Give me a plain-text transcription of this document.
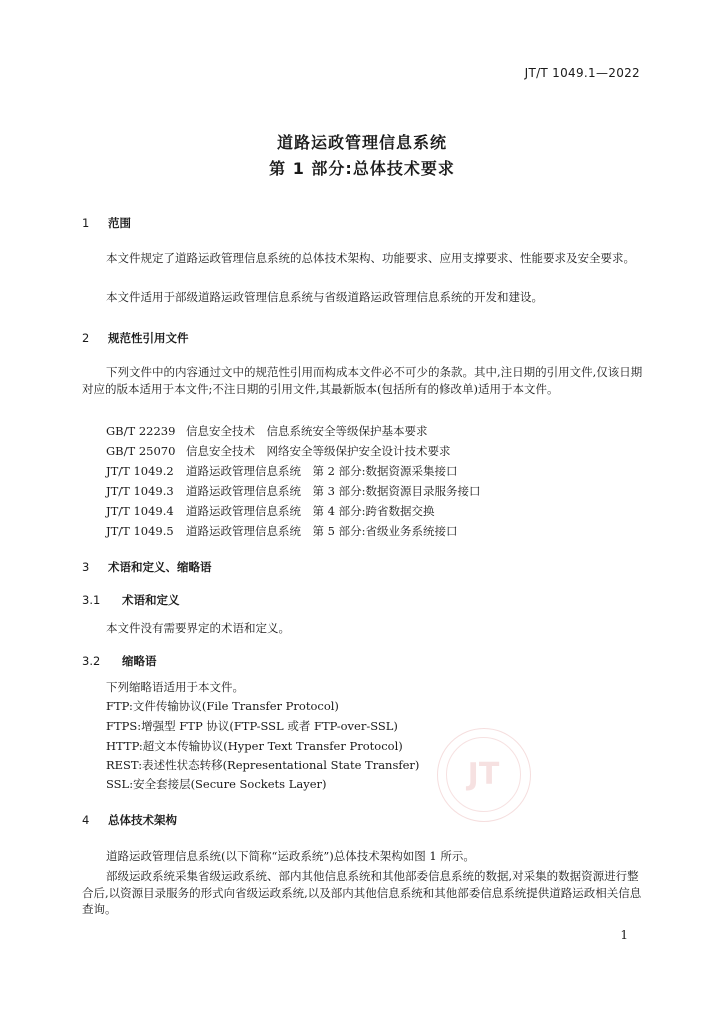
JT/T 1049.1—2022
道路运政管理信息系统
第 1 部分:总体技术要求
1 范围
本文件规定了道路运政管理信息系统的总体技术架构、功能要求、应用支撑要求、性能要求及安全要求。
本文件适用于部级道路运政管理信息系统与省级道路运政管理信息系统的开发和建设。
2 规范性引用文件
下列文件中的内容通过文中的规范性引用而构成本文件必不可少的条款。其中,注日期的引用文件,仅该日期对应的版本适用于本文件;不注日期的引用文件,其最新版本(包括所有的修改单)适用于本文件。
GB/T 22239 信息安全技术　信息系统安全等级保护基本要求
GB/T 25070 信息安全技术　网络安全等级保护安全设计技术要求
JT/T 1049.2 道路运政管理信息系统　第 2 部分:数据资源采集接口
JT/T 1049.3 道路运政管理信息系统　第 3 部分:数据资源目录服务接口
JT/T 1049.4 道路运政管理信息系统　第 4 部分:跨省数据交换
JT/T 1049.5 道路运政管理信息系统　第 5 部分:省级业务系统接口
3 术语和定义、缩略语
3.1 术语和定义
本文件没有需要界定的术语和定义。
3.2 缩略语
下列缩略语适用于本文件。
FTP:文件传输协议(File Transfer Protocol)
FTPS:增强型 FTP 协议(FTP-SSL 或者 FTP-over-SSL)
HTTP:超文本传输协议(Hyper Text Transfer Protocol)
REST:表述性状态转移(Representational State Transfer)
SSL:安全套接层(Secure Sockets Layer)
4 总体技术架构
道路运政管理信息系统(以下简称“运政系统”)总体技术架构如图 1 所示。
部级运政系统采集省级运政系统、部内其他信息系统和其他部委信息系统的数据,对采集的数据资源进行整合后,以资源目录服务的形式向省级运政系统,以及部内其他信息系统和其他部委信息系统提供道路运政相关信息查询。
JT
1
